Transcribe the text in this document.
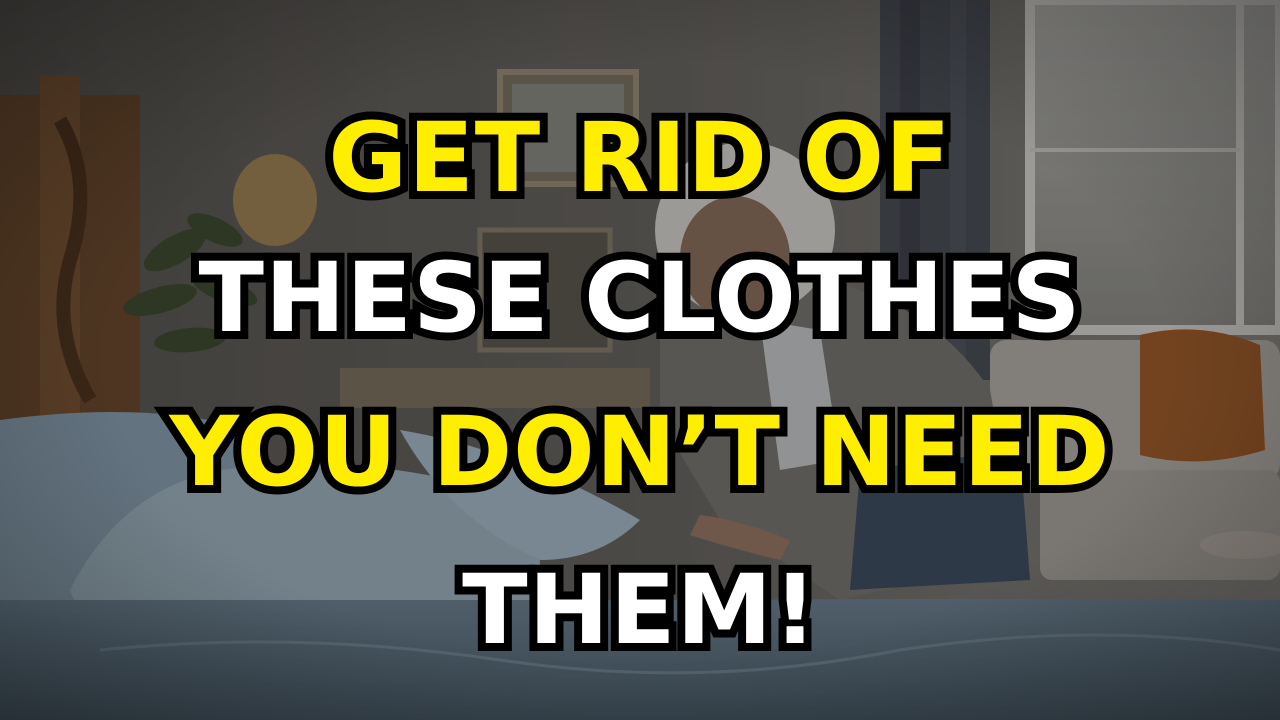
GET RID OF
THESE CLOTHES
YOU DON’T NEED
THEM!
